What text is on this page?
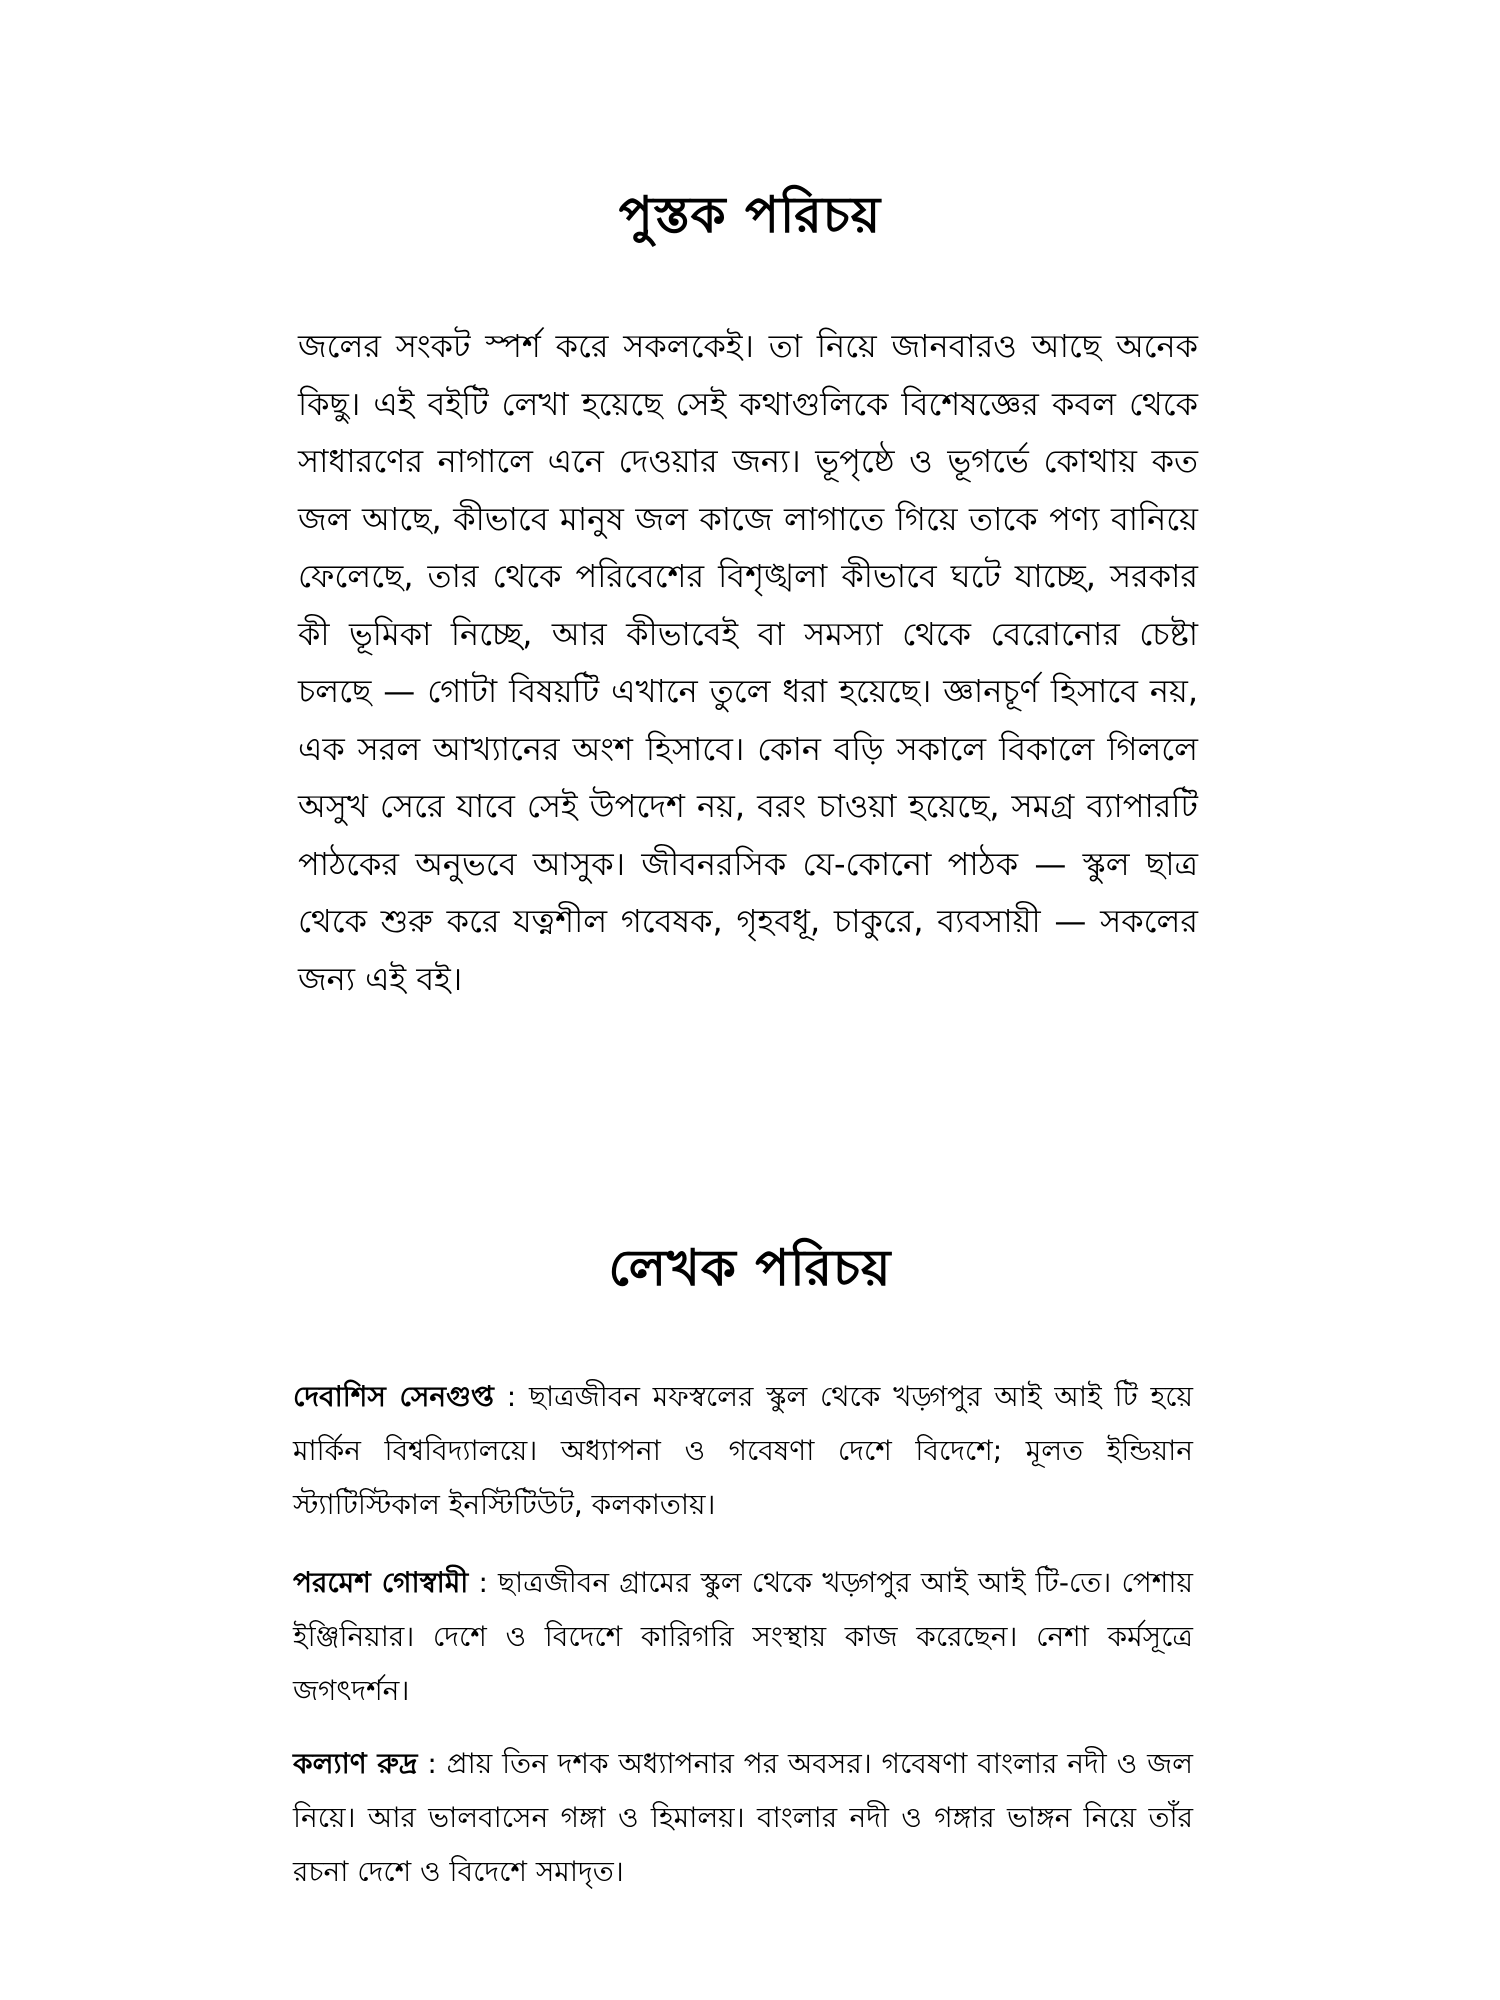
পুস্তক পরিচয়

জলের সংকট স্পর্শ করে সকলকেই। তা নিয়ে জানবারও আছে অনেক কিছু। এই বইটি লেখা হয়েছে সেই কথাগুলিকে বিশেষজ্ঞের কবল থেকে সাধারণের নাগালে এনে দেওয়ার জন্য। ভূপৃষ্ঠে ও ভূগর্ভে কোথায় কত জল আছে, কীভাবে মানুষ জল কাজে লাগাতে গিয়ে তাকে পণ্য বানিয়ে ফেলেছে, তার থেকে পরিবেশের বিশৃঙ্খলা কীভাবে ঘটে যাচ্ছে, সরকার কী ভূমিকা নিচ্ছে, আর কীভাবেই বা সমস্যা থেকে বেরোনোর চেষ্টা চলছে — গোটা বিষয়টি এখানে তুলে ধরা হয়েছে। জ্ঞানচূর্ণ হিসাবে নয়, এক সরল আখ্যানের অংশ হিসাবে। কোন বড়ি সকালে বিকালে গিললে অসুখ সেরে যাবে সেই উপদেশ নয়, বরং চাওয়া হয়েছে, সমগ্র ব্যাপারটি পাঠকের অনুভবে আসুক। জীবনরসিক যে-কোনো পাঠক — স্কুল ছাত্র থেকে শুরু করে যত্নশীল গবেষক, গৃহবধূ, চাকুরে, ব্যবসায়ী — সকলের জন্য এই বই।

লেখক পরিচয়

দেবাশিস সেনগুপ্ত : ছাত্রজীবন মফস্বলের স্কুল থেকে খড়্গপুর আই আই টি হয়ে মার্কিন বিশ্ববিদ্যালয়ে। অধ্যাপনা ও গবেষণা দেশে বিদেশে; মূলত ইন্ডিয়ান স্ট্যাটিস্টিকাল ইনস্টিটিউট, কলকাতায়।

পরমেশ গোস্বামী : ছাত্রজীবন গ্রামের স্কুল থেকে খড়্গপুর আই আই টি-তে। পেশায় ইঞ্জিনিয়ার। দেশে ও বিদেশে কারিগরি সংস্থায় কাজ করেছেন। নেশা কর্মসূত্রে জগৎদর্শন।

কল্যাণ রুদ্র : প্রায় তিন দশক অধ্যাপনার পর অবসর। গবেষণা বাংলার নদী ও জল নিয়ে। আর ভালবাসেন গঙ্গা ও হিমালয়। বাংলার নদী ও গঙ্গার ভাঙ্গন নিয়ে তাঁর রচনা দেশে ও বিদেশে সমাদৃত।
